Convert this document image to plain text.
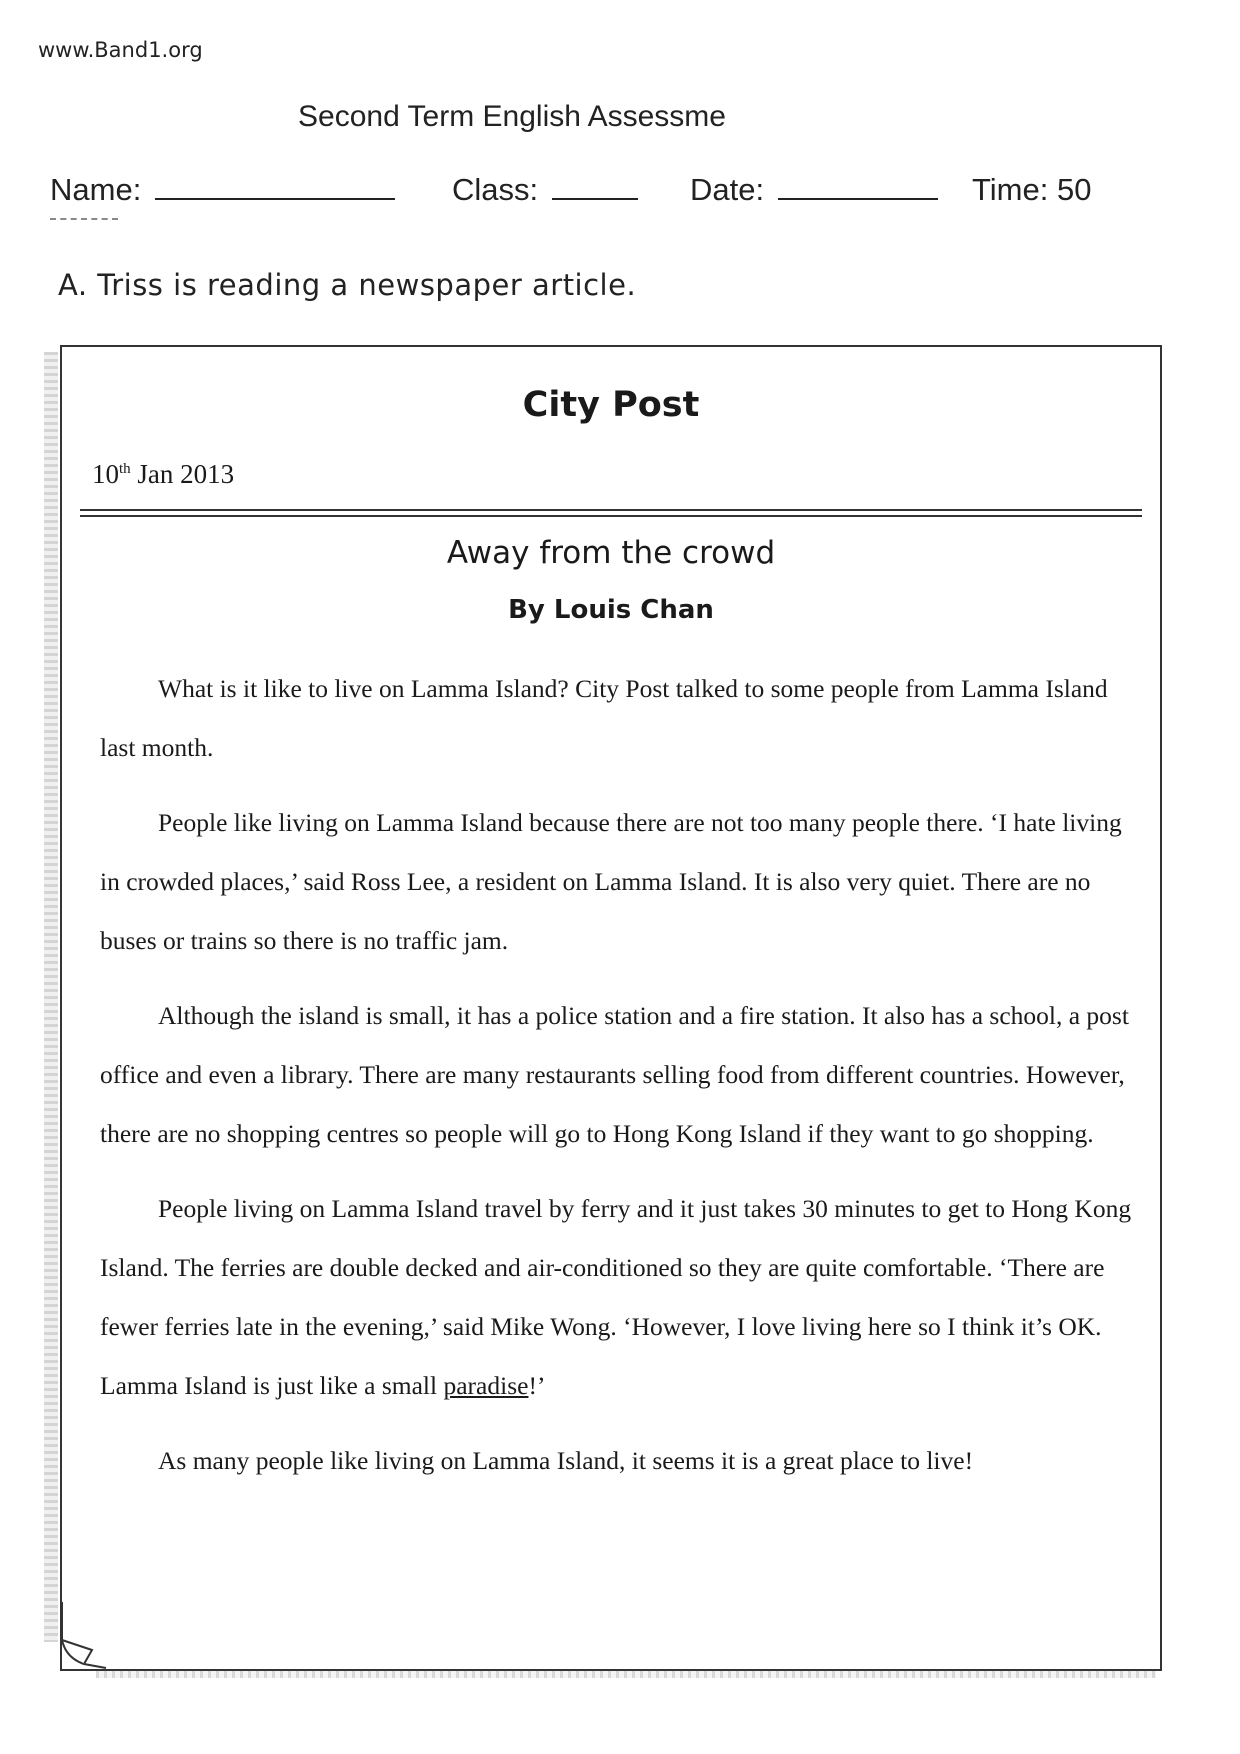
www.Band1.org
Second Term English Assessme
Name:	Class:	Date:	Time: 50
A. Triss is reading a newspaper article.
City Post
10th Jan 2013
Away from the crowd
By Louis Chan

What is it like to live on Lamma Island? City Post talked to some people from Lamma Island last month.

People like living on Lamma Island because there are not too many people there. ‘I hate living in crowded places,’ said Ross Lee, a resident on Lamma Island. It is also very quiet. There are no buses or trains so there is no traffic jam.

Although the island is small, it has a police station and a fire station. It also has a school, a post office and even a library. There are many restaurants selling food from different countries. However, there are no shopping centres so people will go to Hong Kong Island if they want to go shopping.

People living on Lamma Island travel by ferry and it just takes 30 minutes to get to Hong Kong Island. The ferries are double decked and air-conditioned so they are quite comfortable. ‘There are fewer ferries late in the evening,’ said Mike Wong. ‘However, I love living here so I think it’s OK. Lamma Island is just like a small paradise!’

As many people like living on Lamma Island, it seems it is a great place to live!
